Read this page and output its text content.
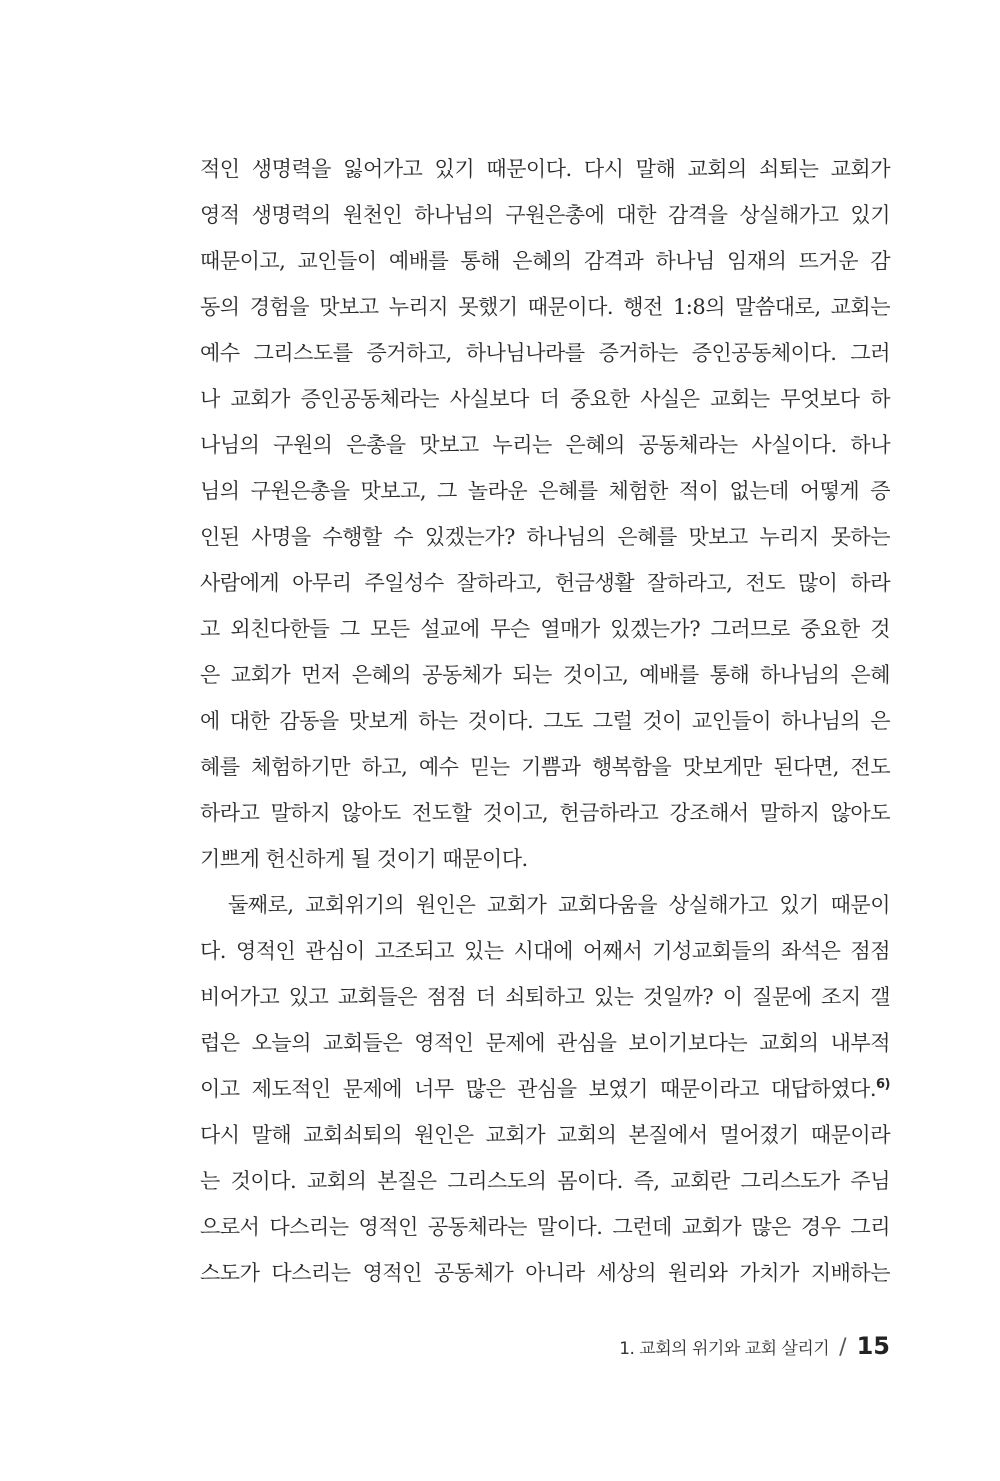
적인 생명력을 잃어가고 있기 때문이다. 다시 말해 교회의 쇠퇴는 교회가
영적 생명력의 원천인 하나님의 구원은총에 대한 감격을 상실해가고 있기
때문이고, 교인들이 예배를 통해 은혜의 감격과 하나님 임재의 뜨거운 감
동의 경험을 맛보고 누리지 못했기 때문이다. 행전 1:8의 말씀대로, 교회는
예수 그리스도를 증거하고, 하나님나라를 증거하는 증인공동체이다. 그러
나 교회가 증인공동체라는 사실보다 더 중요한 사실은 교회는 무엇보다 하
나님의 구원의 은총을 맛보고 누리는 은혜의 공동체라는 사실이다. 하나
님의 구원은총을 맛보고, 그 놀라운 은혜를 체험한 적이 없는데 어떻게 증
인된 사명을 수행할 수 있겠는가? 하나님의 은혜를 맛보고 누리지 못하는
사람에게 아무리 주일성수 잘하라고, 헌금생활 잘하라고, 전도 많이 하라
고 외친다한들 그 모든 설교에 무슨 열매가 있겠는가? 그러므로 중요한 것
은 교회가 먼저 은혜의 공동체가 되는 것이고, 예배를 통해 하나님의 은혜
에 대한 감동을 맛보게 하는 것이다. 그도 그럴 것이 교인들이 하나님의 은
혜를 체험하기만 하고, 예수 믿는 기쁨과 행복함을 맛보게만 된다면, 전도
하라고 말하지 않아도 전도할 것이고, 헌금하라고 강조해서 말하지 않아도
기쁘게 헌신하게 될 것이기 때문이다.
둘째로, 교회위기의 원인은 교회가 교회다움을 상실해가고 있기 때문이
다. 영적인 관심이 고조되고 있는 시대에 어째서 기성교회들의 좌석은 점점
비어가고 있고 교회들은 점점 더 쇠퇴하고 있는 것일까? 이 질문에 조지 갤
럽은 오늘의 교회들은 영적인 문제에 관심을 보이기보다는 교회의 내부적
이고 제도적인 문제에 너무 많은 관심을 보였기 때문이라고 대답하였다.$^{6)}$
다시 말해 교회쇠퇴의 원인은 교회가 교회의 본질에서 멀어졌기 때문이라
는 것이다. 교회의 본질은 그리스도의 몸이다. 즉, 교회란 그리스도가 주님
으로서 다스리는 영적인 공동체라는 말이다. 그런데 교회가 많은 경우 그리
스도가 다스리는 영적인 공동체가 아니라 세상의 원리와 가치가 지배하는
1. 교회의 위기와 교회 살리기 / 15
